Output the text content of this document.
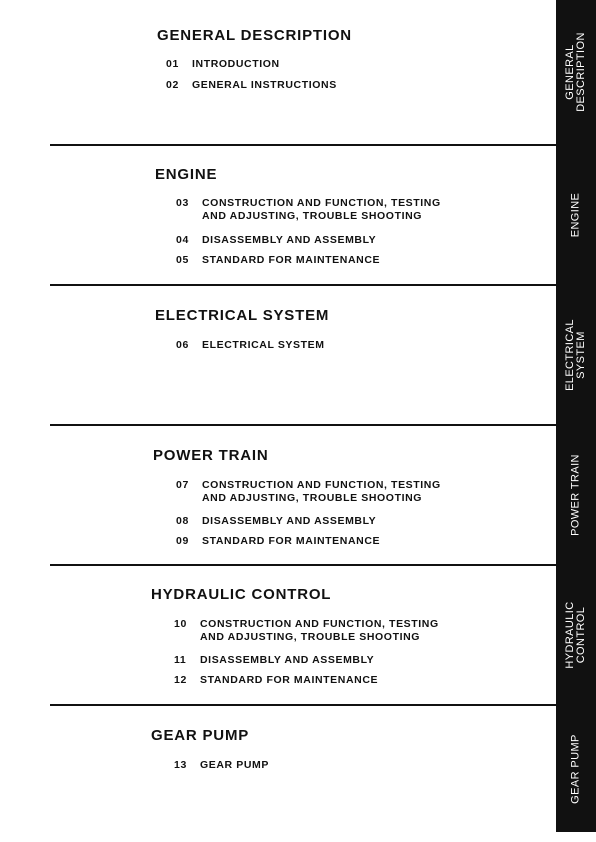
GENERAL DESCRIPTION
01 INTRODUCTION
02 GENERAL INSTRUCTIONS	GENERAL DESCRIPTION
ENGINE
03 CONSTRUCTION AND FUNCTION, TESTING
AND ADJUSTING, TROUBLE SHOOTING
04 DISASSEMBLY AND ASSEMBLY
05 STANDARD FOR MAINTENANCE
ENGINE
ELECTRICAL SYSTEM
06 ELECTRICAL SYSTEM	ELECTRICAL SYSTEM
POWER TRAIN
07 CONSTRUCTION AND FUNCTION, TESTING
AND ADJUSTING, TROUBLE SHOOTING
08 DISASSEMBLY AND ASSEMBLY
09 STANDARD FOR MAINTENANCE
POWER TRAIN
HYDRAULIC CONTROL
10 CONSTRUCTION AND FUNCTION, TESTING
AND ADJUSTING, TROUBLE SHOOTING
11 DISASSEMBLY AND ASSEMBLY
12 STANDARD FOR MAINTENANCE
HYDRAULIC CONTROL
GEAR PUMP
13 GEAR PUMP	GEAR PUMP
